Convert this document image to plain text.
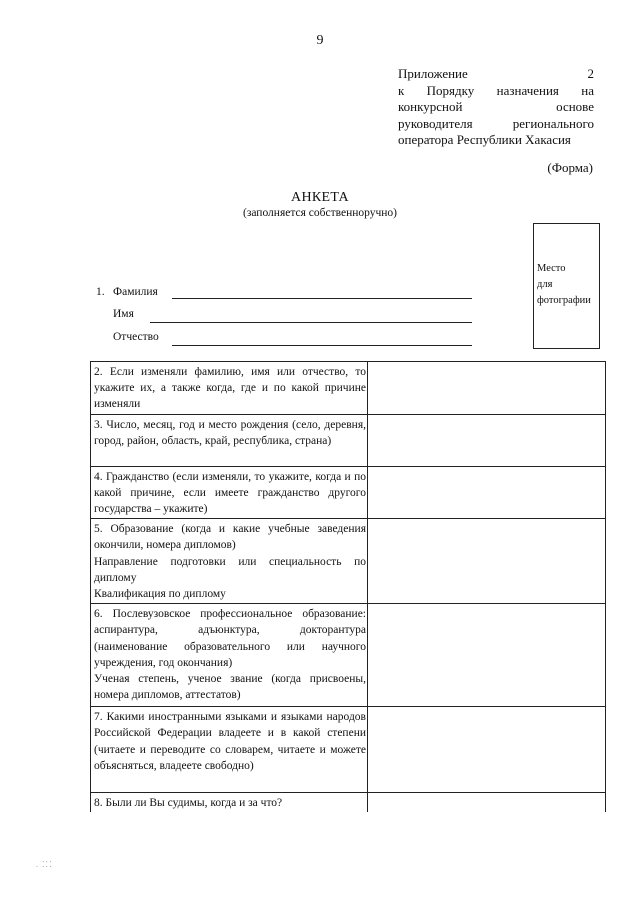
9
Приложение 2
к Порядку назначения на
конкурсной основе
руководителя регионального
оператора Республики Хакасия
(Форма)
АНКЕТА
(заполняется собственноручно)
Место
для
фотографии
1. Фамилия
Имя
Отчество

2. Если изменяли фамилию, имя или отчество, то укажите их, а также когда, где и по какой причине изменяли	

3. Число, месяц, год и место рождения (село, деревня, город, район, область, край, республика, страна)	

4. Гражданство (если изменяли, то укажите, когда и по какой причине, если имеете гражданство другого государства – укажите)	

5. Образование (когда и какие учебные заведения окончили, номера дипломов)

Направление подготовки или специальность по диплому

Квалификация по диплому	

6. Послевузовское профессиональное образование: аспирантура, адъюнктура, докторантура (наименование образовательного или научного учреждения, год окончания)

Ученая степень, ученое звание (когда присвоены, номера дипломов, аттестатов)	

7. Какими иностранными языками и языками народов Российской Федерации владеете и в какой степени (читаете и переводите со словарем, читаете и можете объясняться, владеете свободно)	

8. Были ли Вы судимы, когда и за что?	

. ⁚⁚⁚
